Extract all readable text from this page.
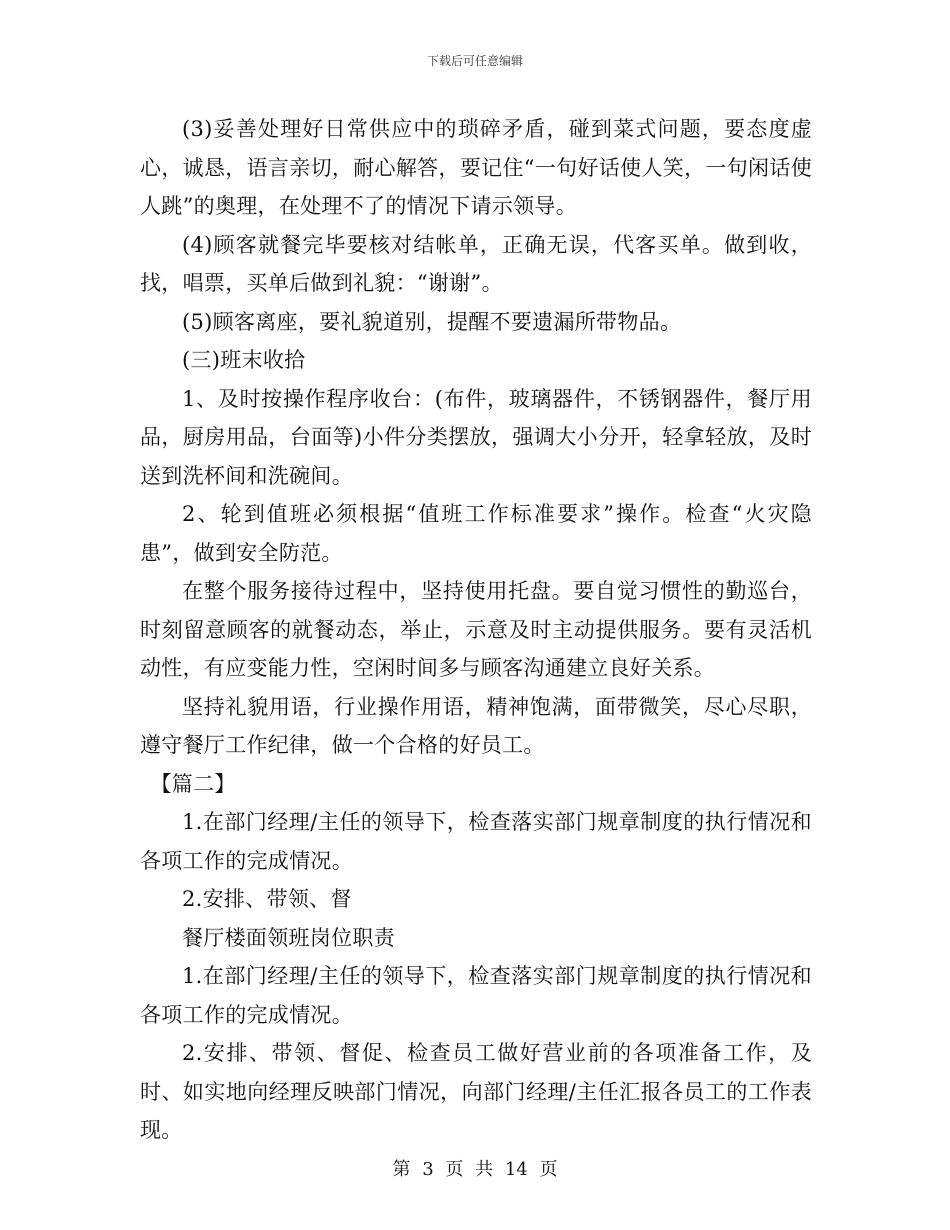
下载后可任意编辑

(3)妥善处理好日常供应中的琐碎矛盾，碰到菜式问题，要态度虚心，诚恳，语言亲切，耐心解答，要记住“一句好话使人笑，一句闲话使人跳”的奥理，在处理不了的情况下请示领导。

(4)顾客就餐完毕要核对结帐单，正确无误，代客买单。做到收，找，唱票，买单后做到礼貌：“谢谢”。

(5)顾客离座，要礼貌道别，提醒不要遗漏所带物品。

(三)班末收拾

1、及时按操作程序收台：(布件，玻璃器件，不锈钢器件，餐厅用品，厨房用品，台面等)小件分类摆放，强调大小分开，轻拿轻放，及时送到洗杯间和洗碗间。

2、轮到值班必须根据“值班工作标准要求”操作。检查“火灾隐患”，做到安全防范。

在整个服务接待过程中，坚持使用托盘。要自觉习惯性的勤巡台，时刻留意顾客的就餐动态，举止，示意及时主动提供服务。要有灵活机动性，有应变能力性，空闲时间多与顾客沟通建立良好关系。

坚持礼貌用语，行业操作用语，精神饱满，面带微笑，尽心尽职，遵守餐厅工作纪律，做一个合格的好员工。

【篇二】

1.在部门经理/主任的领导下，检查落实部门规章制度的执行情况和各项工作的完成情况。

2.安排、带领、督

餐厅楼面领班岗位职责

1.在部门经理/主任的领导下，检查落实部门规章制度的执行情况和各项工作的完成情况。

2.安排、带领、督促、检查员工做好营业前的各项准备工作，及时、如实地向经理反映部门情况，向部门经理/主任汇报各员工的工作表现。

第 3 页 共 14 页
